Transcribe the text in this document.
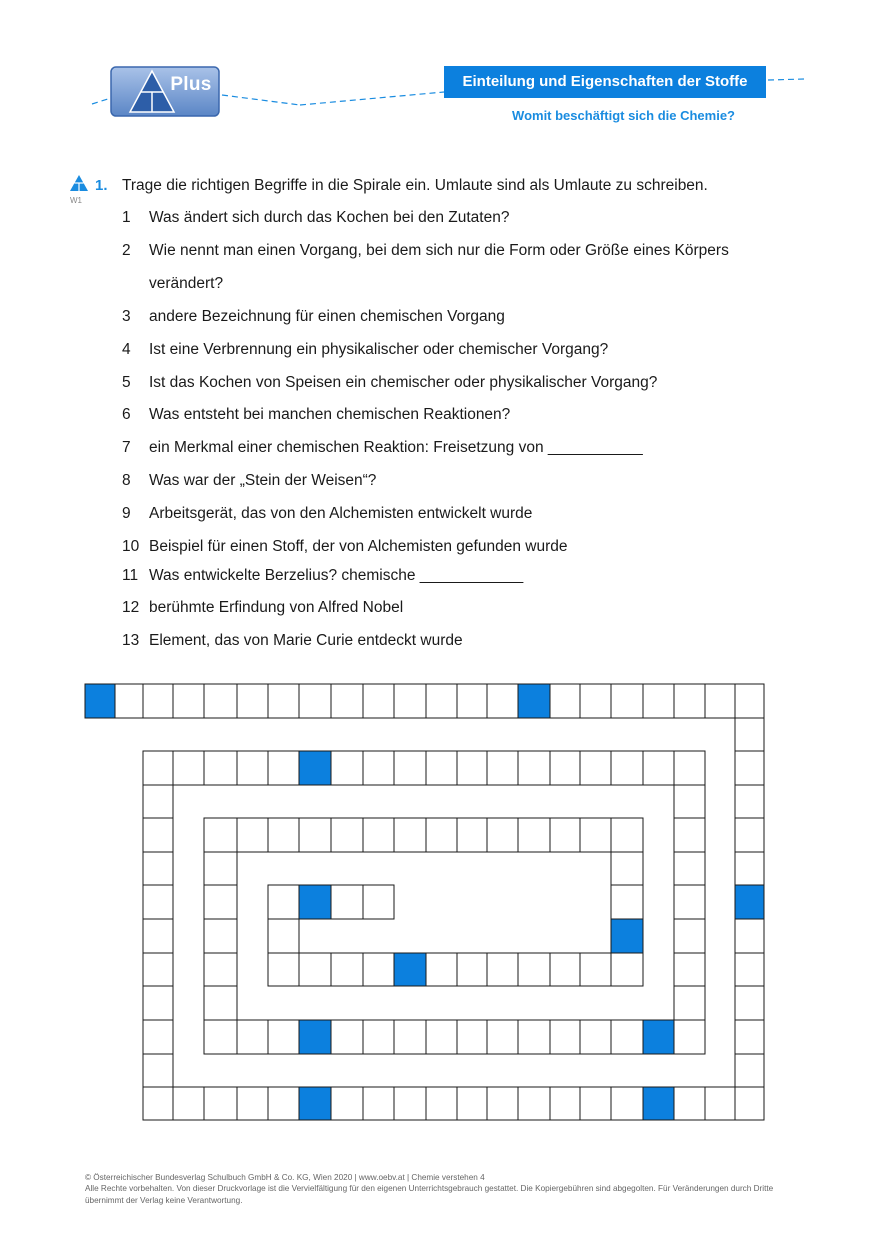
Plus	Einteilung und Eigenschaften der Stoffe
Womit beschäftigt sich die Chemie?
W1
1. Trage die richtigen Begriffe in die Spirale ein. Umlaute sind als Umlaute zu schreiben.
1 Was ändert sich durch das Kochen bei den Zutaten?
2 Wie nennt man einen Vorgang, bei dem sich nur die Form oder Größe eines Körpers
verändert?
3 andere Bezeichnung für einen chemischen Vorgang
4 Ist eine Verbrennung ein physikalischer oder chemischer Vorgang?
5 Ist das Kochen von Speisen ein chemischer oder physikalischer Vorgang?
6 Was entsteht bei manchen chemischen Reaktionen?
7 ein Merkmal einer chemischen Reaktion: Freisetzung von ___________
8 Was war der „Stein der Weisen“?
9 Arbeitsgerät, das von den Alchemisten entwickelt wurde
10 Beispiel für einen Stoff, der von Alchemisten gefunden wurde
11 Was entwickelte Berzelius? chemische ____________
12 berühmte Erfindung von Alfred Nobel
13 Element, das von Marie Curie entdeckt wurde
© Österreichischer Bundesverlag Schulbuch GmbH & Co. KG, Wien 2020 | www.oebv.at | Chemie verstehen 4
Alle Rechte vorbehalten. Von dieser Druckvorlage ist die Vervielfältigung für den eigenen Unterrichtsgebrauch gestattet. Die Kopiergebühren sind abgegolten. Für Veränderungen durch Dritte übernimmt der Verlag keine Verantwortung.
